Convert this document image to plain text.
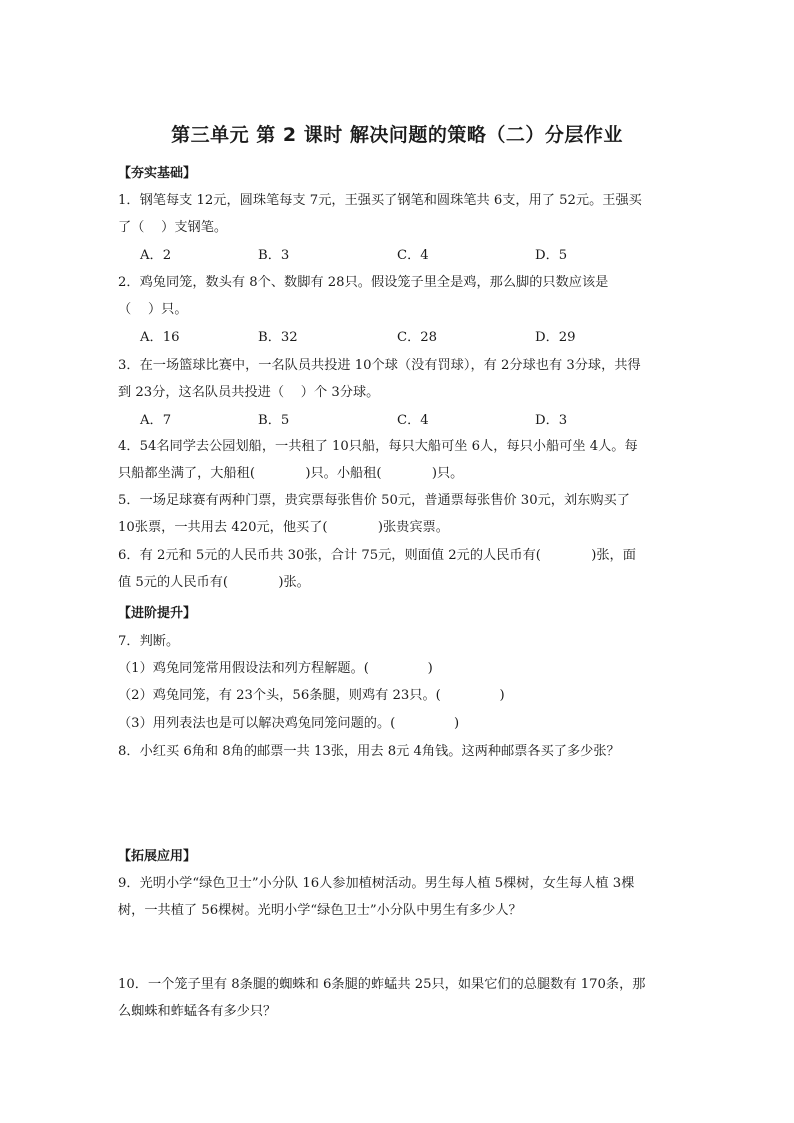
第三单元 第 2 课时 解决问题的策略（二）分层作业
【夯实基础】
1．钢笔每支 12元，圆珠笔每支 7元，王强买了钢笔和圆珠笔共 6支，用了 52元。王强买
了（    ）支钢笔。
A．2	B．3	C．4	D．5
2．鸡兔同笼，数头有 8个、数脚有 28只。假设笼子里全是鸡，那么脚的只数应该是
（    ）只。
A．16	B．32	C．28	D．29
3．在一场篮球比赛中，一名队员共投进 10个球（没有罚球），有 2分球也有 3分球，共得
到 23分，这名队员共投进（    ）个 3分球。
A．7	B．5	C．4	D．3
4．54名同学去公园划船，一共租了 10只船，每只大船可坐 6人，每只小船可坐 4人。每
只船都坐满了，大船租(            )只。小船租(            )只。
5．一场足球赛有两种门票，贵宾票每张售价 50元，普通票每张售价 30元，刘东购买了
10张票，一共用去 420元，他买了(            )张贵宾票。
6．有 2元和 5元的人民币共 30张，合计 75元，则面值 2元的人民币有(            )张，面
值 5元的人民币有(            )张。
【进阶提升】
7．判断。
（1）鸡兔同笼常用假设法和列方程解题。(              )
（2）鸡兔同笼，有 23个头，56条腿，则鸡有 23只。(              )
（3）用列表法也是可以解决鸡兔同笼问题的。(              )
8．小红买 6角和 8角的邮票一共 13张，用去 8元 4角钱。这两种邮票各买了多少张？
【拓展应用】
9．光明小学“绿色卫士”小分队 16人参加植树活动。男生每人植 5棵树，女生每人植 3棵
树，一共植了 56棵树。光明小学“绿色卫士”小分队中男生有多少人？
10．一个笼子里有 8条腿的蜘蛛和 6条腿的蚱蜢共 25只，如果它们的总腿数有 170条，那
么蜘蛛和蚱蜢各有多少只？
